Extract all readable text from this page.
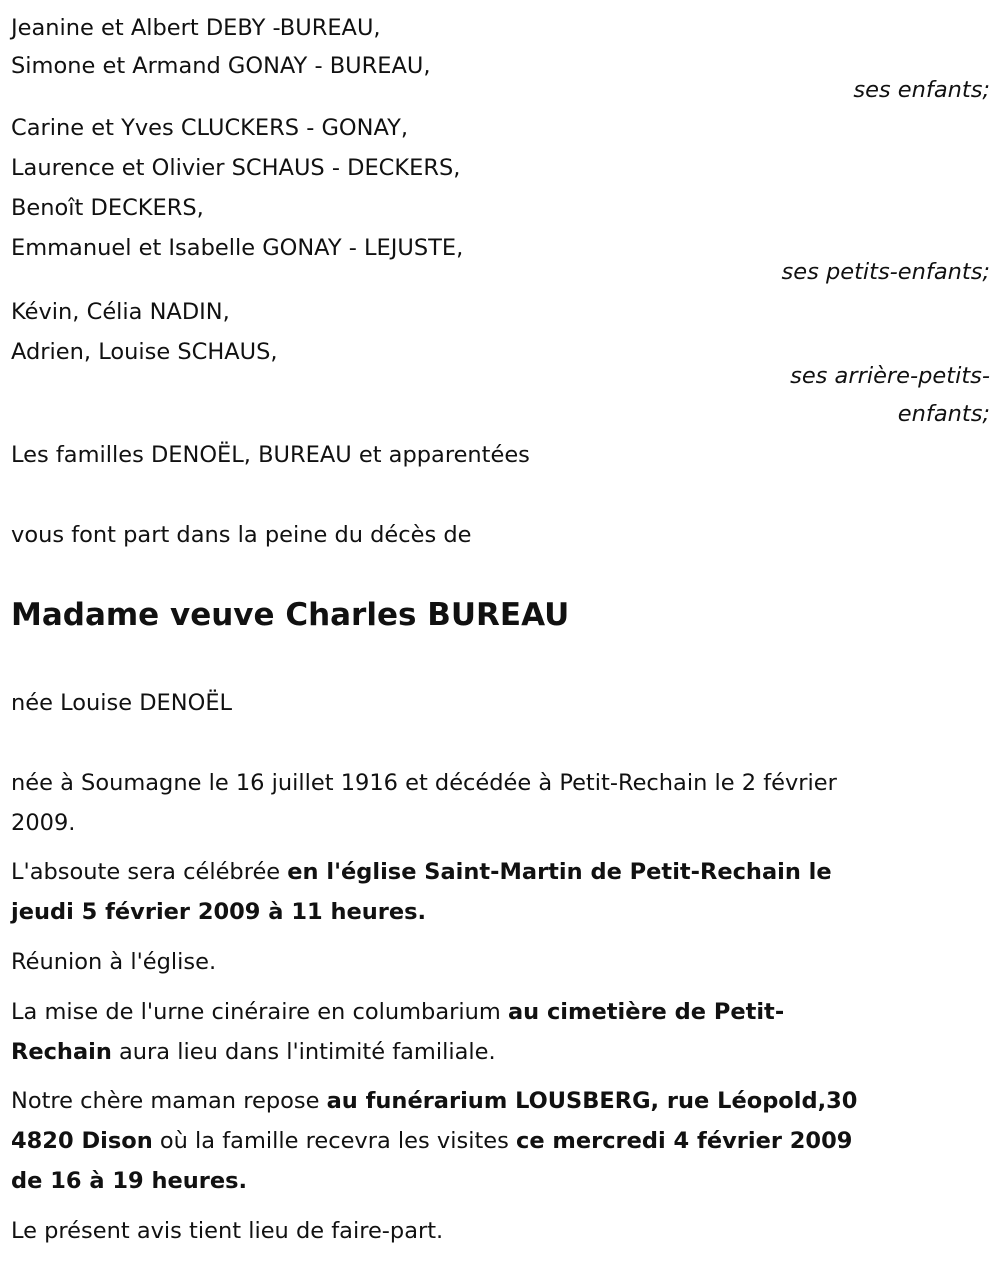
Jeanine et Albert DEBY -BUREAU,
Simone et Armand GONAY - BUREAU,
ses enfants;
Carine et Yves CLUCKERS - GONAY,
Laurence et Olivier SCHAUS - DECKERS,
Benoît DECKERS,
Emmanuel et Isabelle GONAY - LEJUSTE,
ses petits-enfants;
Kévin, Célia NADIN,
Adrien, Louise SCHAUS,
ses arrière-petits-
enfants;
Les familles DENOËL, BUREAU et apparentées
vous font part dans la peine du décès de
Madame veuve Charles BUREAU
née Louise DENOËL
née à Soumagne le 16 juillet 1916 et décédée à Petit-Rechain le 2 février
2009.
L'absoute sera célébrée en l'église Saint-Martin de Petit-Rechain le
jeudi 5 février 2009 à 11 heures.
Réunion à l'église.
La mise de l'urne cinéraire en columbarium au cimetière de Petit-
Rechain aura lieu dans l'intimité familiale.
Notre chère maman repose au funérarium LOUSBERG, rue Léopold,30
4820 Dison où la famille recevra les visites ce mercredi 4 février 2009
de 16 à 19 heures.
Le présent avis tient lieu de faire-part.
